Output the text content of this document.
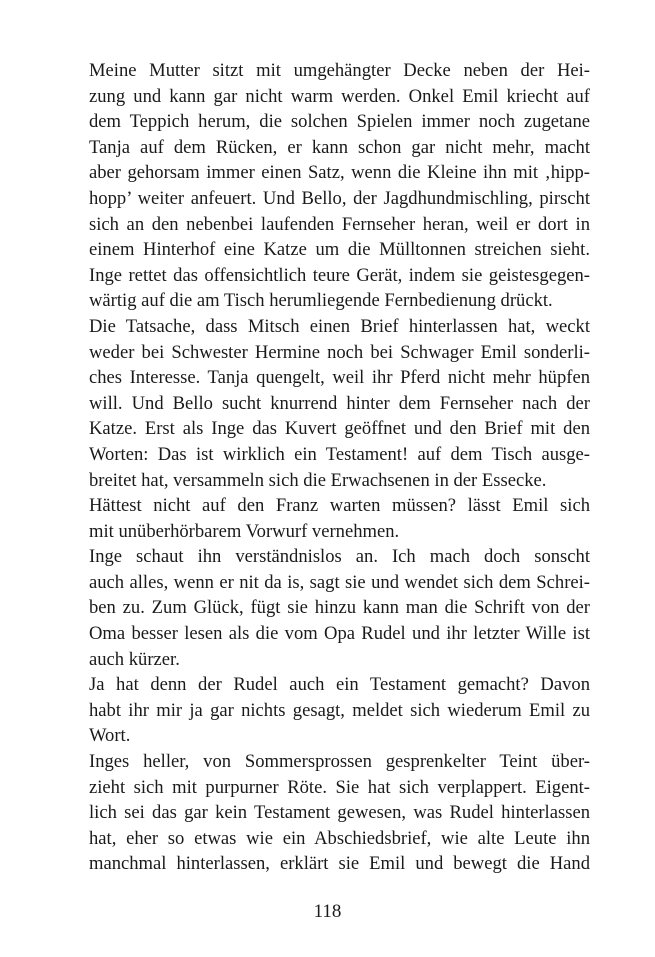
Meine Mutter sitzt mit umgehängter Decke neben der Hei-
zung und kann gar nicht warm werden. Onkel Emil kriecht auf
dem Teppich herum, die solchen Spielen immer noch zugetane
Tanja auf dem Rücken, er kann schon gar nicht mehr, macht
aber gehorsam immer einen Satz, wenn die Kleine ihn mit ‚hipp-
hopp’ weiter anfeuert. Und Bello, der Jagdhundmischling, pirscht
sich an den nebenbei laufenden Fernseher heran, weil er dort in
einem Hinterhof eine Katze um die Mülltonnen streichen sieht.
Inge rettet das offensichtlich teure Gerät, indem sie geistesgegen-
wärtig auf die am Tisch herumliegende Fernbedienung drückt.

Die Tatsache, dass Mitsch einen Brief hinterlassen hat, weckt
weder bei Schwester Hermine noch bei Schwager Emil sonderli-
ches Interesse. Tanja quengelt, weil ihr Pferd nicht mehr hüpfen
will. Und Bello sucht knurrend hinter dem Fernseher nach der
Katze. Erst als Inge das Kuvert geöffnet und den Brief mit den
Worten: Das ist wirklich ein Testament! auf dem Tisch ausge-
breitet hat, versammeln sich die Erwachsenen in der Essecke.

Hättest nicht auf den Franz warten müssen? lässt Emil sich
mit unüberhörbarem Vorwurf vernehmen.

Inge schaut ihn verständnislos an. Ich mach doch sonscht
auch alles, wenn er nit da is, sagt sie und wendet sich dem Schrei-
ben zu. Zum Glück, fügt sie hinzu kann man die Schrift von der
Oma besser lesen als die vom Opa Rudel und ihr letzter Wille ist
auch kürzer.

Ja hat denn der Rudel auch ein Testament gemacht? Davon
habt ihr mir ja gar nichts gesagt, meldet sich wiederum Emil zu
Wort.

Inges heller, von Sommersprossen gesprenkelter Teint über-
zieht sich mit purpurner Röte. Sie hat sich verplappert. Eigent-
lich sei das gar kein Testament gewesen, was Rudel hinterlassen
hat, eher so etwas wie ein Abschiedsbrief, wie alte Leute ihn
manchmal hinterlassen, erklärt sie Emil und bewegt die Hand

118
